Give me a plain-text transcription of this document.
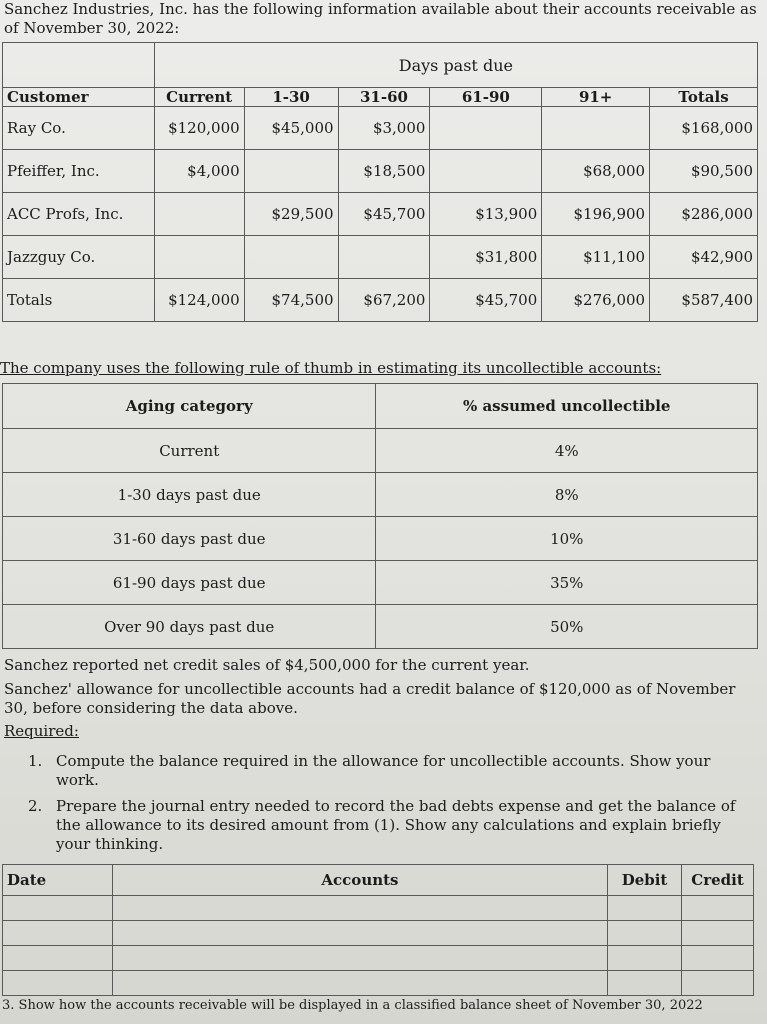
Sanchez Industries, Inc. has the following information available about their accounts receivable as of November 30, 2022:
	Days past due					
Customer	Current	1-30	31-60	61-90	91+	Totals
Ray Co.	$120,000	$45,000	$3,000			$168,000
Pfeiffer, Inc.	$4,000		$18,500		$68,000	$90,500
ACC Profs, Inc.		$29,500	$45,700	$13,900	$196,900	$286,000
Jazzguy Co.				$31,800	$11,100	$42,900
Totals	$124,000	$74,500	$67,200	$45,700	$276,000	$587,400
The company uses the following rule of thumb in estimating its uncollectible accounts:
Aging category	% assumed uncollectible
Current	4%
1-30 days past due	8%
31-60 days past due	10%
61-90 days past due	35%
Over 90 days past due	50%
Sanchez reported net credit sales of $4,500,000 for the current year.
Sanchez' allowance for uncollectible accounts had a credit balance of $120,000 as of November 30, before considering the data above.
Required:
1. Compute the balance required in the allowance for uncollectible accounts. Show your work.
2. Prepare the journal entry needed to record the bad debts expense and get the balance of the allowance to its desired amount from (1). Show any calculations and explain briefly your thinking.
Date	Accounts	Debit	Credit

3. Show how the accounts receivable will be displayed in a classified balance sheet of November 30, 2022
